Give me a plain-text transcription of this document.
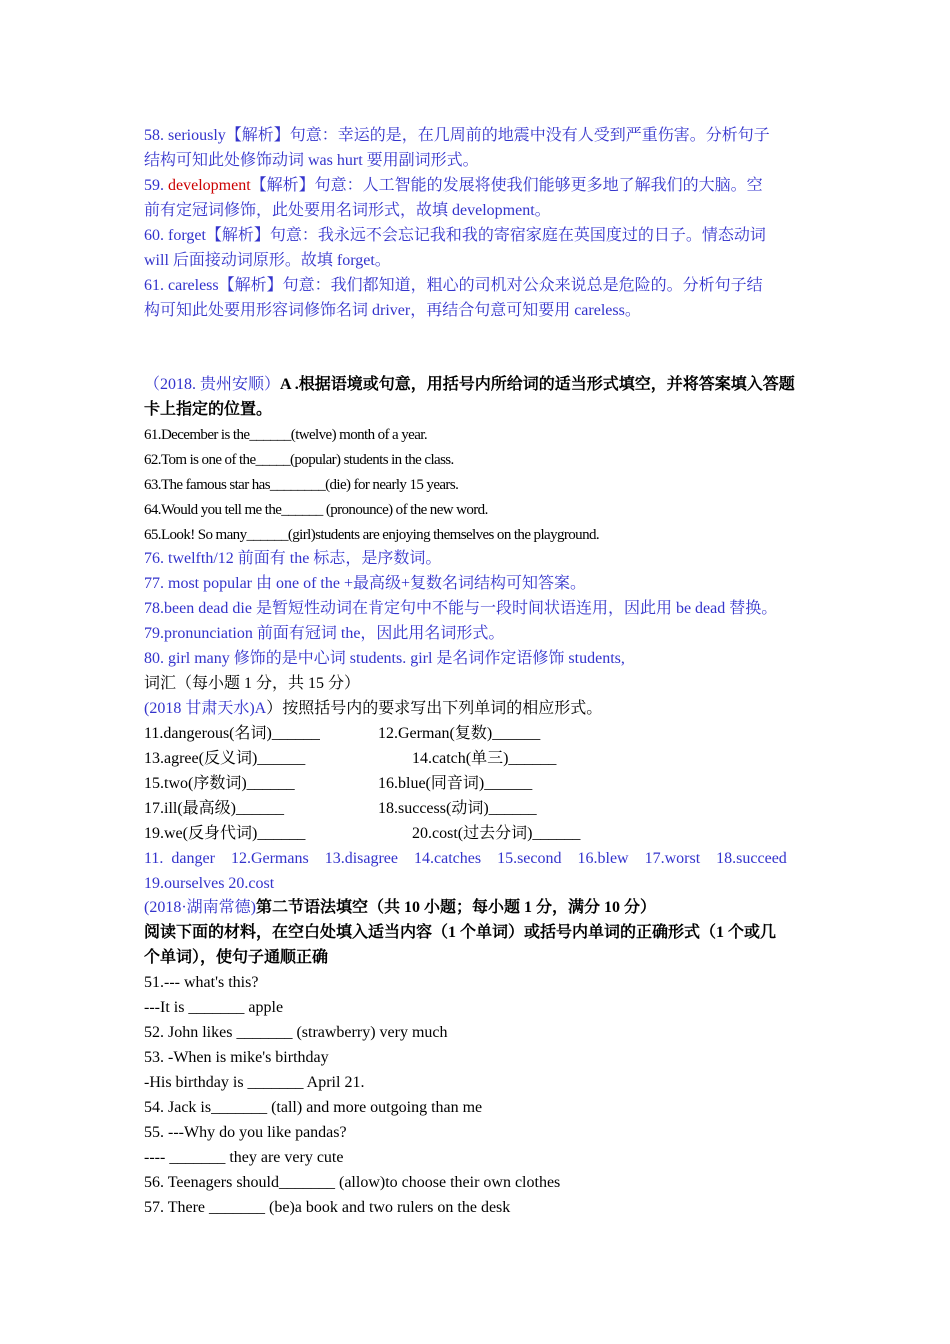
58. seriously【解析】句意：幸运的是，在几周前的地震中没有人受到严重伤害。分析句子
结构可知此处修饰动词 was hurt 要用副词形式。
59. development【解析】句意：人工智能的发展将使我们能够更多地了解我们的大脑。空
前有定冠词修饰，此处要用名词形式，故填 development。
60. forget【解析】句意：我永远不会忘记我和我的寄宿家庭在英国度过的日子。情态动词
will 后面接动词原形。故填 forget。
61. careless【解析】句意：我们都知道，粗心的司机对公众来说总是危险的。分析句子结
构可知此处要用形容词修饰名词 driver，再结合句意可知要用 careless。
（2018. 贵州安顺）A .根据语境或句意，用括号内所给词的适当形式填空，并将答案填入答题
卡上指定的位置。
61.December is the______(twelve) month of a year.
62.Tom is one of the_____(popular) students in the class.
63.The famous star has________(die) for nearly 15 years.
64.Would you tell me the______ (pronounce) of the new word.
65.Look! So many______(girl)students are enjoying themselves on the playground.
76. twelfth/12 前面有 the 标志，是序数词。
77. most popular 由 one of the +最高级+复数名词结构可知答案。
78.been dead die 是暂短性动词在肯定句中不能与一段时间状语连用，因此用 be dead 替换。
79.pronunciation 前面有冠词 the，因此用名词形式。
80. girl many 修饰的是中心词 students. girl 是名词作定语修饰 students,
词汇（每小题 1 分，共 15 分）
(2018 甘肃天水)A）按照括号内的要求写出下列单词的相应形式。
11.dangerous(名词)______	12.German(复数)______
13.agree(反义词)______	14.catch(单三)______
15.two(序数词)______	16.blue(同音词)______
17.ill(最高级)______	18.success(动词)______
19.we(反身代词)______	20.cost(过去分词)______
11.  danger    12.Germans    13.disagree    14.catches    15.second    16.blew    17.worst    18.succeed
19.ourselves 20.cost
(2018·湖南常德)第二节语法填空（共 10 小题；每小题 1 分，满分 10 分）
阅读下面的材料，在空白处填入适当内容（1 个单词）或括号内单词的正确形式（1 个或几
个单词），使句子通顺正确
51.--- what's this?
---It is _______ apple
52. John likes _______ (strawberry) very much
53. -When is mike's birthday
-His birthday is _______ April 21.
54. Jack is_______ (tall) and more outgoing than me
55. ---Why do you like pandas?
---- _______ they are very cute
56. Teenagers should_______ (allow)to choose their own clothes
57. There _______ (be)a book and two rulers on the desk
